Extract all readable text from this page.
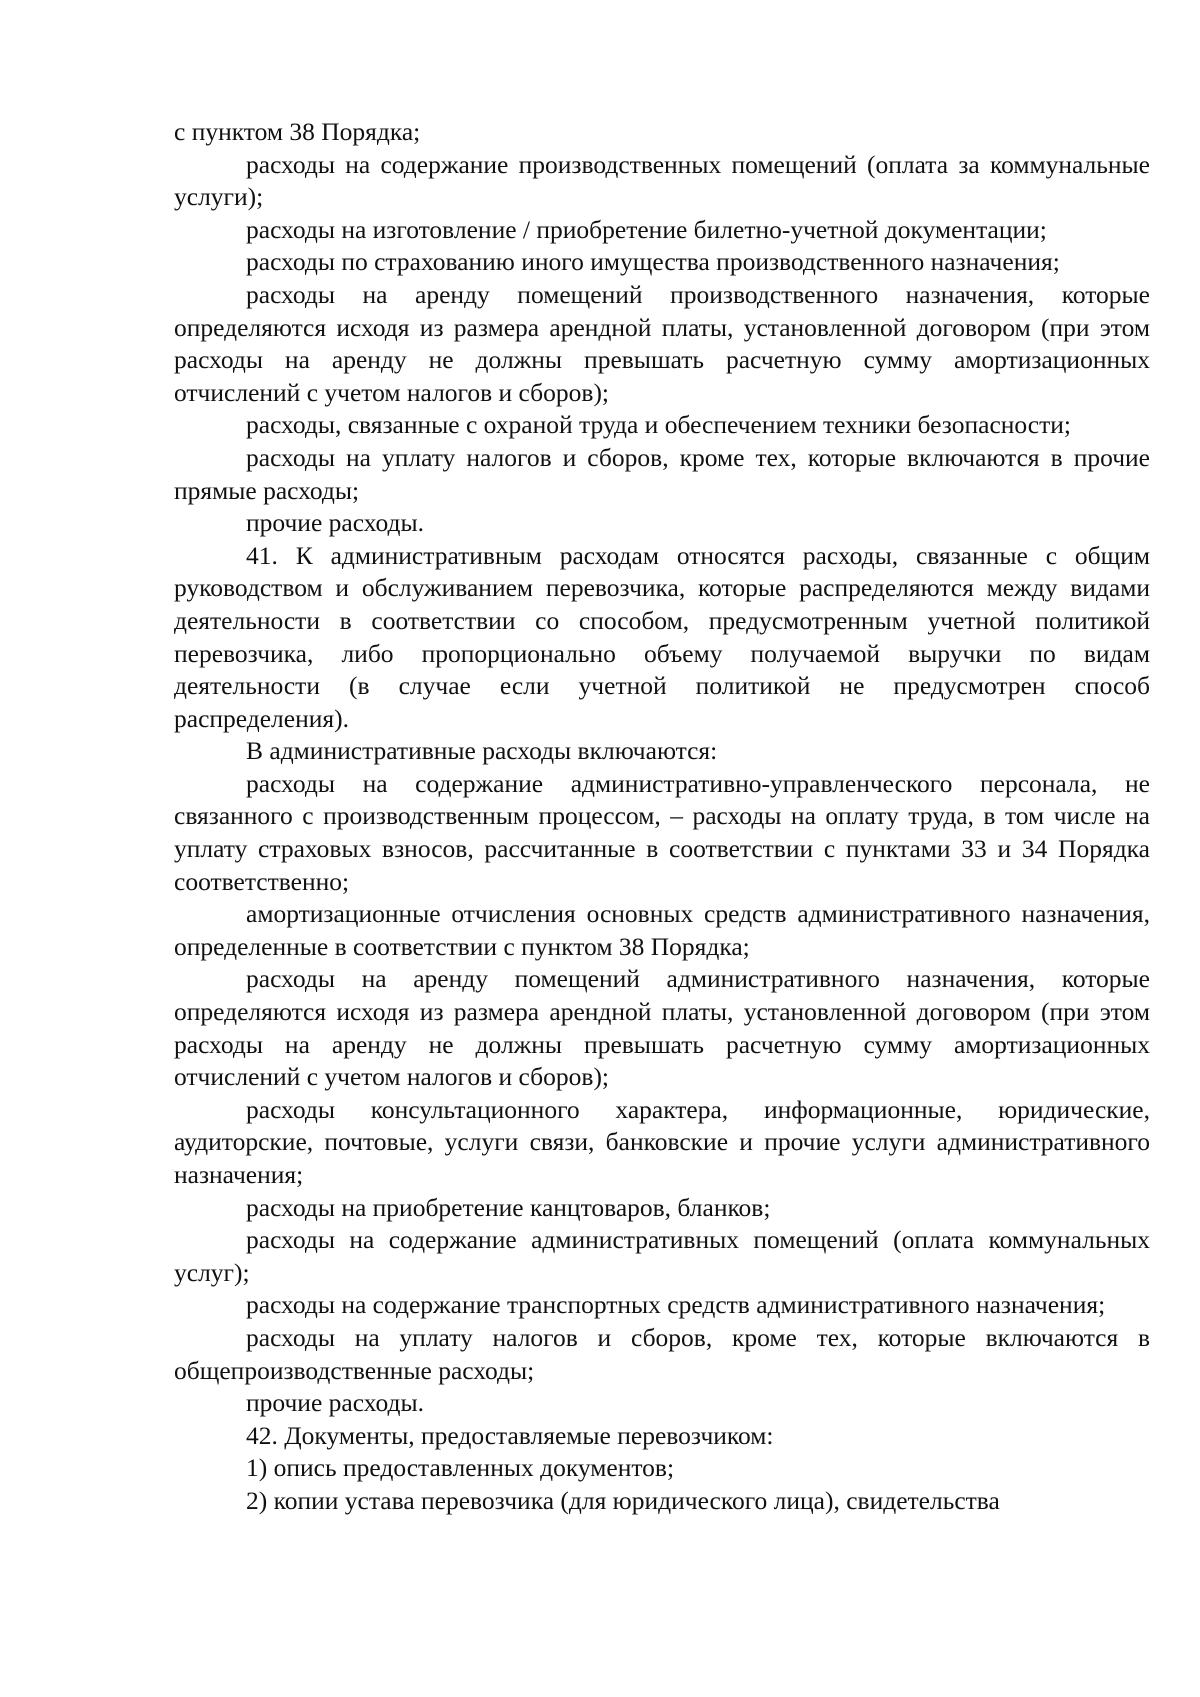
с пунктом 38 Порядка;

расходы на содержание производственных помещений (оплата за коммунальные услуги);

расходы на изготовление / приобретение билетно-учетной документации;

расходы по страхованию иного имущества производственного назначения;

расходы на аренду помещений производственного назначения, которые определяются исходя из размера арендной платы, установленной договором (при этом расходы на аренду не должны превышать расчетную сумму амортизационных отчислений с учетом налогов и сборов);

расходы, связанные с охраной труда и обеспечением техники безопасности;

расходы на уплату налогов и сборов, кроме тех, которые включаются в прочие прямые расходы;

прочие расходы.

41. К административным расходам относятся расходы, связанные с общим руководством и обслуживанием перевозчика, которые распределяются между видами деятельности в соответствии со способом, предусмотренным учетной политикой перевозчика, либо пропорционально объему получаемой выручки по видам деятельности (в случае если учетной политикой не предусмотрен способ распределения).

В административные расходы включаются:

расходы на содержание административно-управленческого персонала, не связанного с производственным процессом, – расходы на оплату труда, в том числе на уплату страховых взносов, рассчитанные в соответствии с пунктами 33 и 34 Порядка соответственно;

амортизационные отчисления основных средств административного назначения, определенные в соответствии с пунктом 38 Порядка;

расходы на аренду помещений административного назначения, которые определяются исходя из размера арендной платы, установленной договором (при этом расходы на аренду не должны превышать расчетную сумму амортизационных отчислений с учетом налогов и сборов);

расходы консультационного характера, информационные, юридические, аудиторские, почтовые, услуги связи, банковские и прочие услуги административного назначения;

расходы на приобретение канцтоваров, бланков;

расходы на содержание административных помещений (оплата коммунальных услуг);

расходы на содержание транспортных средств административного назначения;

расходы на уплату налогов и сборов, кроме тех, которые включаются в общепроизводственные расходы;

прочие расходы.

42. Документы, предоставляемые перевозчиком:

1) опись предоставленных документов;

2) копии устава перевозчика (для юридического лица), свидетельства
